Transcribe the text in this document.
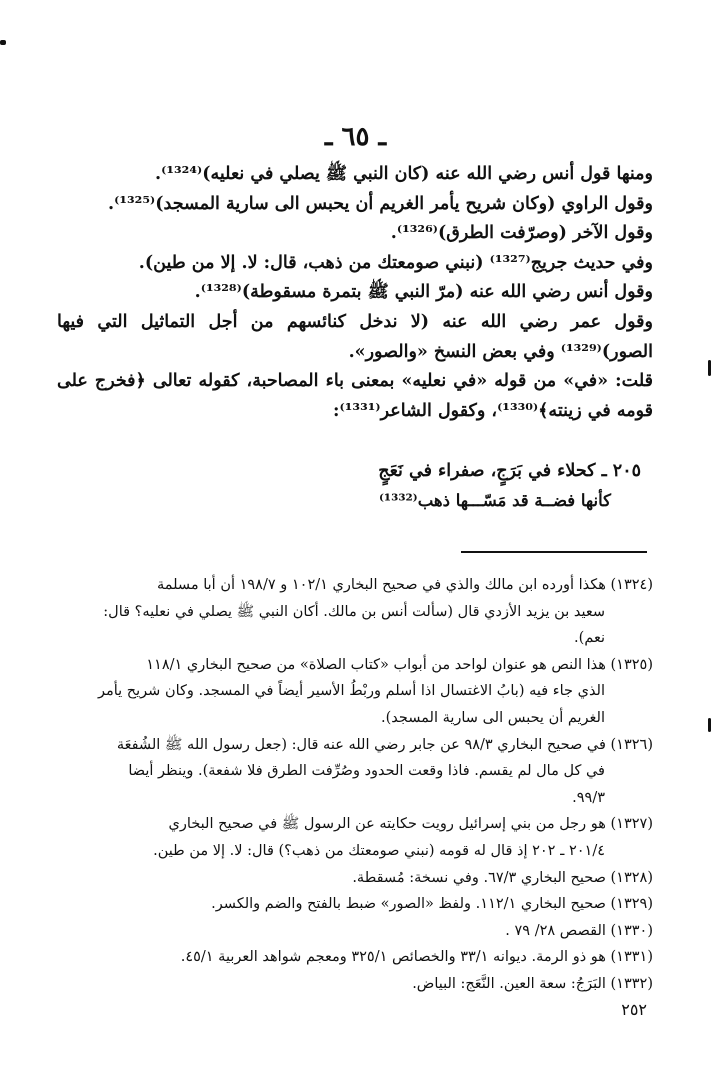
ـ ٦٥ ـ
ومنها قول أنس رضي الله عنه (كان النبي ﷺ يصلي في نعليه)⁽¹³²⁴⁾.
وقول الراوي (وكان شريح يأمر الغريم أن يحبس الى سارية المسجد)⁽¹³²⁵⁾.
وقول الآخر (وصرّفت الطرق)⁽¹³²⁶⁾.
وفي حديث جريج⁽¹³²⁷⁾ (نبني صومعتك من ذهب، قال: لا. إلا من طين).
وقول أنس رضي الله عنه (مرّ النبي ﷺ بتمرة مسقوطة)⁽¹³²⁸⁾.
وقول عمر رضي الله عنه (لا ندخل كنائسهم من أجل التماثيل التي فيها
الصور)⁽¹³²⁹⁾ وفي بعض النسخ «والصور».
قلت: «في» من قوله «في نعليه» بمعنى باء المصاحبة، كقوله تعالى ﴿فخرج على
قومه في زينته﴾⁽¹³³⁰⁾، وكقول الشاعر⁽¹³³¹⁾:
٢٠٥ ـ كحلاء في بَرَجٍ، صفراء في نَعَجٍ
كأنها فضــة قد مَسّـــها ذهب⁽¹³³²⁾
(١٣٢٤) هكذا أورده ابن مالك والذي في صحيح البخاري ١٠٢/١ و ١٩٨/٧ أن أبا مسلمة
سعيد بن يزيد الأزدي قال (سألت أنس بن مالك. أكان النبي ﷺ يصلي في نعليه؟ قال:
نعم).
(١٣٢٥) هذا النص هو عنوان لواحد من أبواب «كتاب الصلاة» من صحيح البخاري ١١٨/١
الذي جاء فيه (بابُ الاغتسال اذا أسلم وربْطُ الأسير أيضاً في المسجد. وكان شريح يأمر
الغريم أن يحبس الى سارية المسجد).
(١٣٢٦) في صحيح البخاري ٩٨/٣ عن جابر رضي الله عنه قال: (جعل رسول الله ﷺ الشُفعَة
في كل مال لم يقسم. فاذا وقعت الحدود وصُرِّفت الطرق فلا شفعة). وينظر أيضا
٩٩/٣.
(١٣٢٧) هو رجل من بني إسرائيل رويت حكايته عن الرسول ﷺ في صحيح البخاري
٢٠١/٤ ـ ٢٠٢ إذ قال له قومه (نبني صومعتك من ذهب؟) قال: لا. إلا من طين.
(١٣٢٨) صحيح البخاري ٦٧/٣. وفي نسخة: مُسقطة.
(١٣٢٩) صحيح البخاري ١١٢/١. ولفظ «الصور» ضبط بالفتح والضم والكسر.
(١٣٣٠) القصص ٢٨/ ٧٩ .
(١٣٣١) هو ذو الرمة. ديوانه ٣٣/١ والخصائص ٣٢٥/١ ومعجم شواهد العربية ٤٥/١.
(١٣٣٢) البَرَجُ: سعة العين. النَّعَج: البياض.
٢٥٢
